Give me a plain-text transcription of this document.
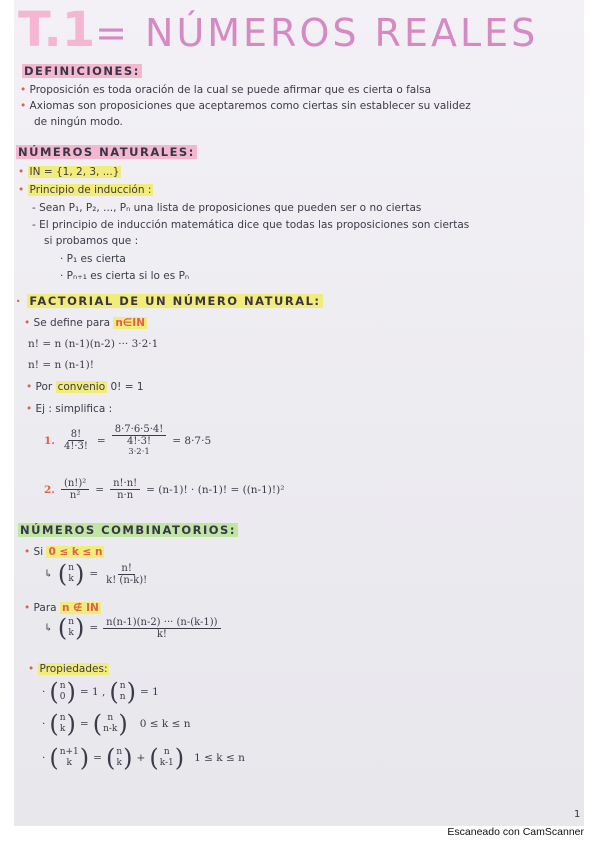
T.1= NÚMEROS REALES
DEFINICIONES:
• Proposición es toda oración de la cual se puede afirmar que es cierta o falsa
• Axiomas son proposiciones que aceptaremos como ciertas sin establecer su validez
de ningún modo.
NÚMEROS NATURALES:
• IN = {1, 2, 3, ...}
• Principio de inducción :
- Sean P₁, P₂, ..., Pₙ una lista de proposiciones que pueden ser o no ciertas
- El principio de inducción matemática dice que todas las proposiciones son ciertas
si probamos que :
· P₁ es cierta
· Pₙ₊₁ es cierta si lo es Pₙ
· FACTORIAL DE UN NÚMERO NATURAL:
• Se define para n∈IN
n! = n (n-1)(n-2) ··· 3·2·1
n! = n (n-1)!
• Por convenio 0! = 1
• Ej : simplifica :
1. $\frac{8!}{4!\cdot 3!}$ =
8·7·6·5·4!
4!·3!
3·2·1
= 8·7·5
2. $\frac{\text{(n!)²}}{\text{n²}} = \frac{n!\cdot n!}{n\cdot n} = (n-1)$! · (n-1)! = ((n-1)!)²
NÚMEROS COMBINATORIOS:
• Si 0 ≤ k ≤ n
↳ ( n
k ) = $\frac{n!}{k! (n-k)!}$
• Para n ∉ IN
↳ ( n
k ) = $\frac{n(n-1)(n-2) \cdot\cdot\cdot (n-(k-1))}{k!}$
• Propiedades:
· ( n
0 ) = 1 , ( n
n ) = 1
· ( n
k ) = ( n
n-k ) 0 ≤ k ≤ n
· ( n+1
k ) = ( n
k ) + ( n
k-1 ) 1 ≤ k ≤ n
1
Escaneado con CamScanner
